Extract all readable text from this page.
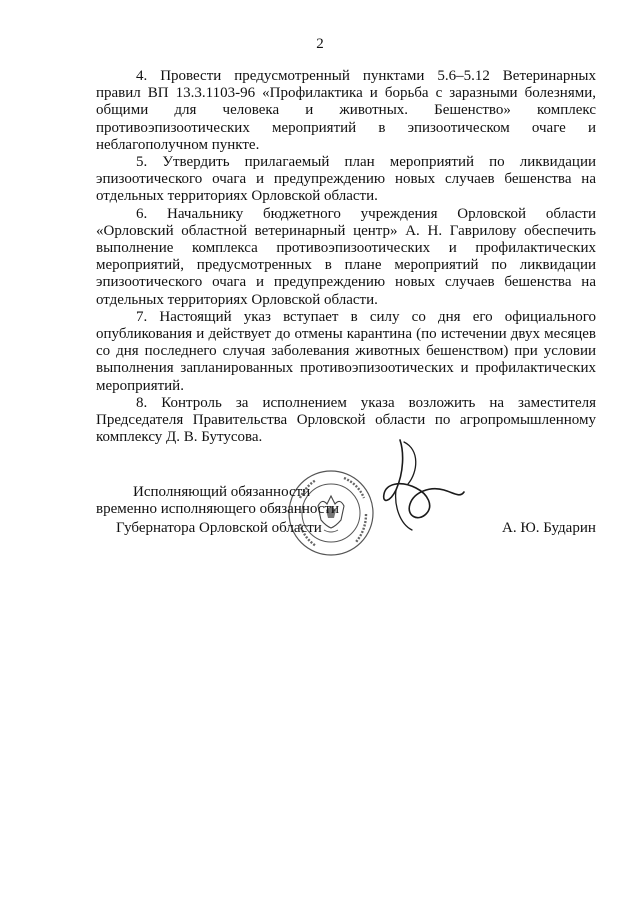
2

4. Провести предусмотренный пунктами 5.6–5.12 Ветеринарных правил ВП 13.3.1103-96 «Профилактика и борьба с заразными болезнями, общими для человека и животных. Бешенство» комплекс противоэпизоотических мероприятий в эпизоотическом очаге и неблагополучном пункте.

5. Утвердить прилагаемый план мероприятий по ликвидации эпизоотического очага и предупреждению новых случаев бешенства на отдельных территориях Орловской области.

6. Начальнику бюджетного учреждения Орловской области «Орловский областной ветеринарный центр» А. Н. Гаврилову обеспечить выполнение комплекса противоэпизоотических и профилактических мероприятий, предусмотренных в плане мероприятий по ликвидации эпизоотического очага и предупреждению новых случаев бешенства на отдельных территориях Орловской области.

7. Настоящий указ вступает в силу со дня его официального опубликования и действует до отмены карантина (по истечении двух месяцев со дня последнего случая заболевания животных бешенством) при условии выполнения запланированных противоэпизоотических и профилактических мероприятий.

8. Контроль за исполнением указа возложить на заместителя Председателя Правительства Орловской области по агропромышленному комплексу Д. В. Бутусова.

Исполняющий обязанности
временно исполняющего обязанности
Губернатора Орловской области	А. Ю. Бударин
